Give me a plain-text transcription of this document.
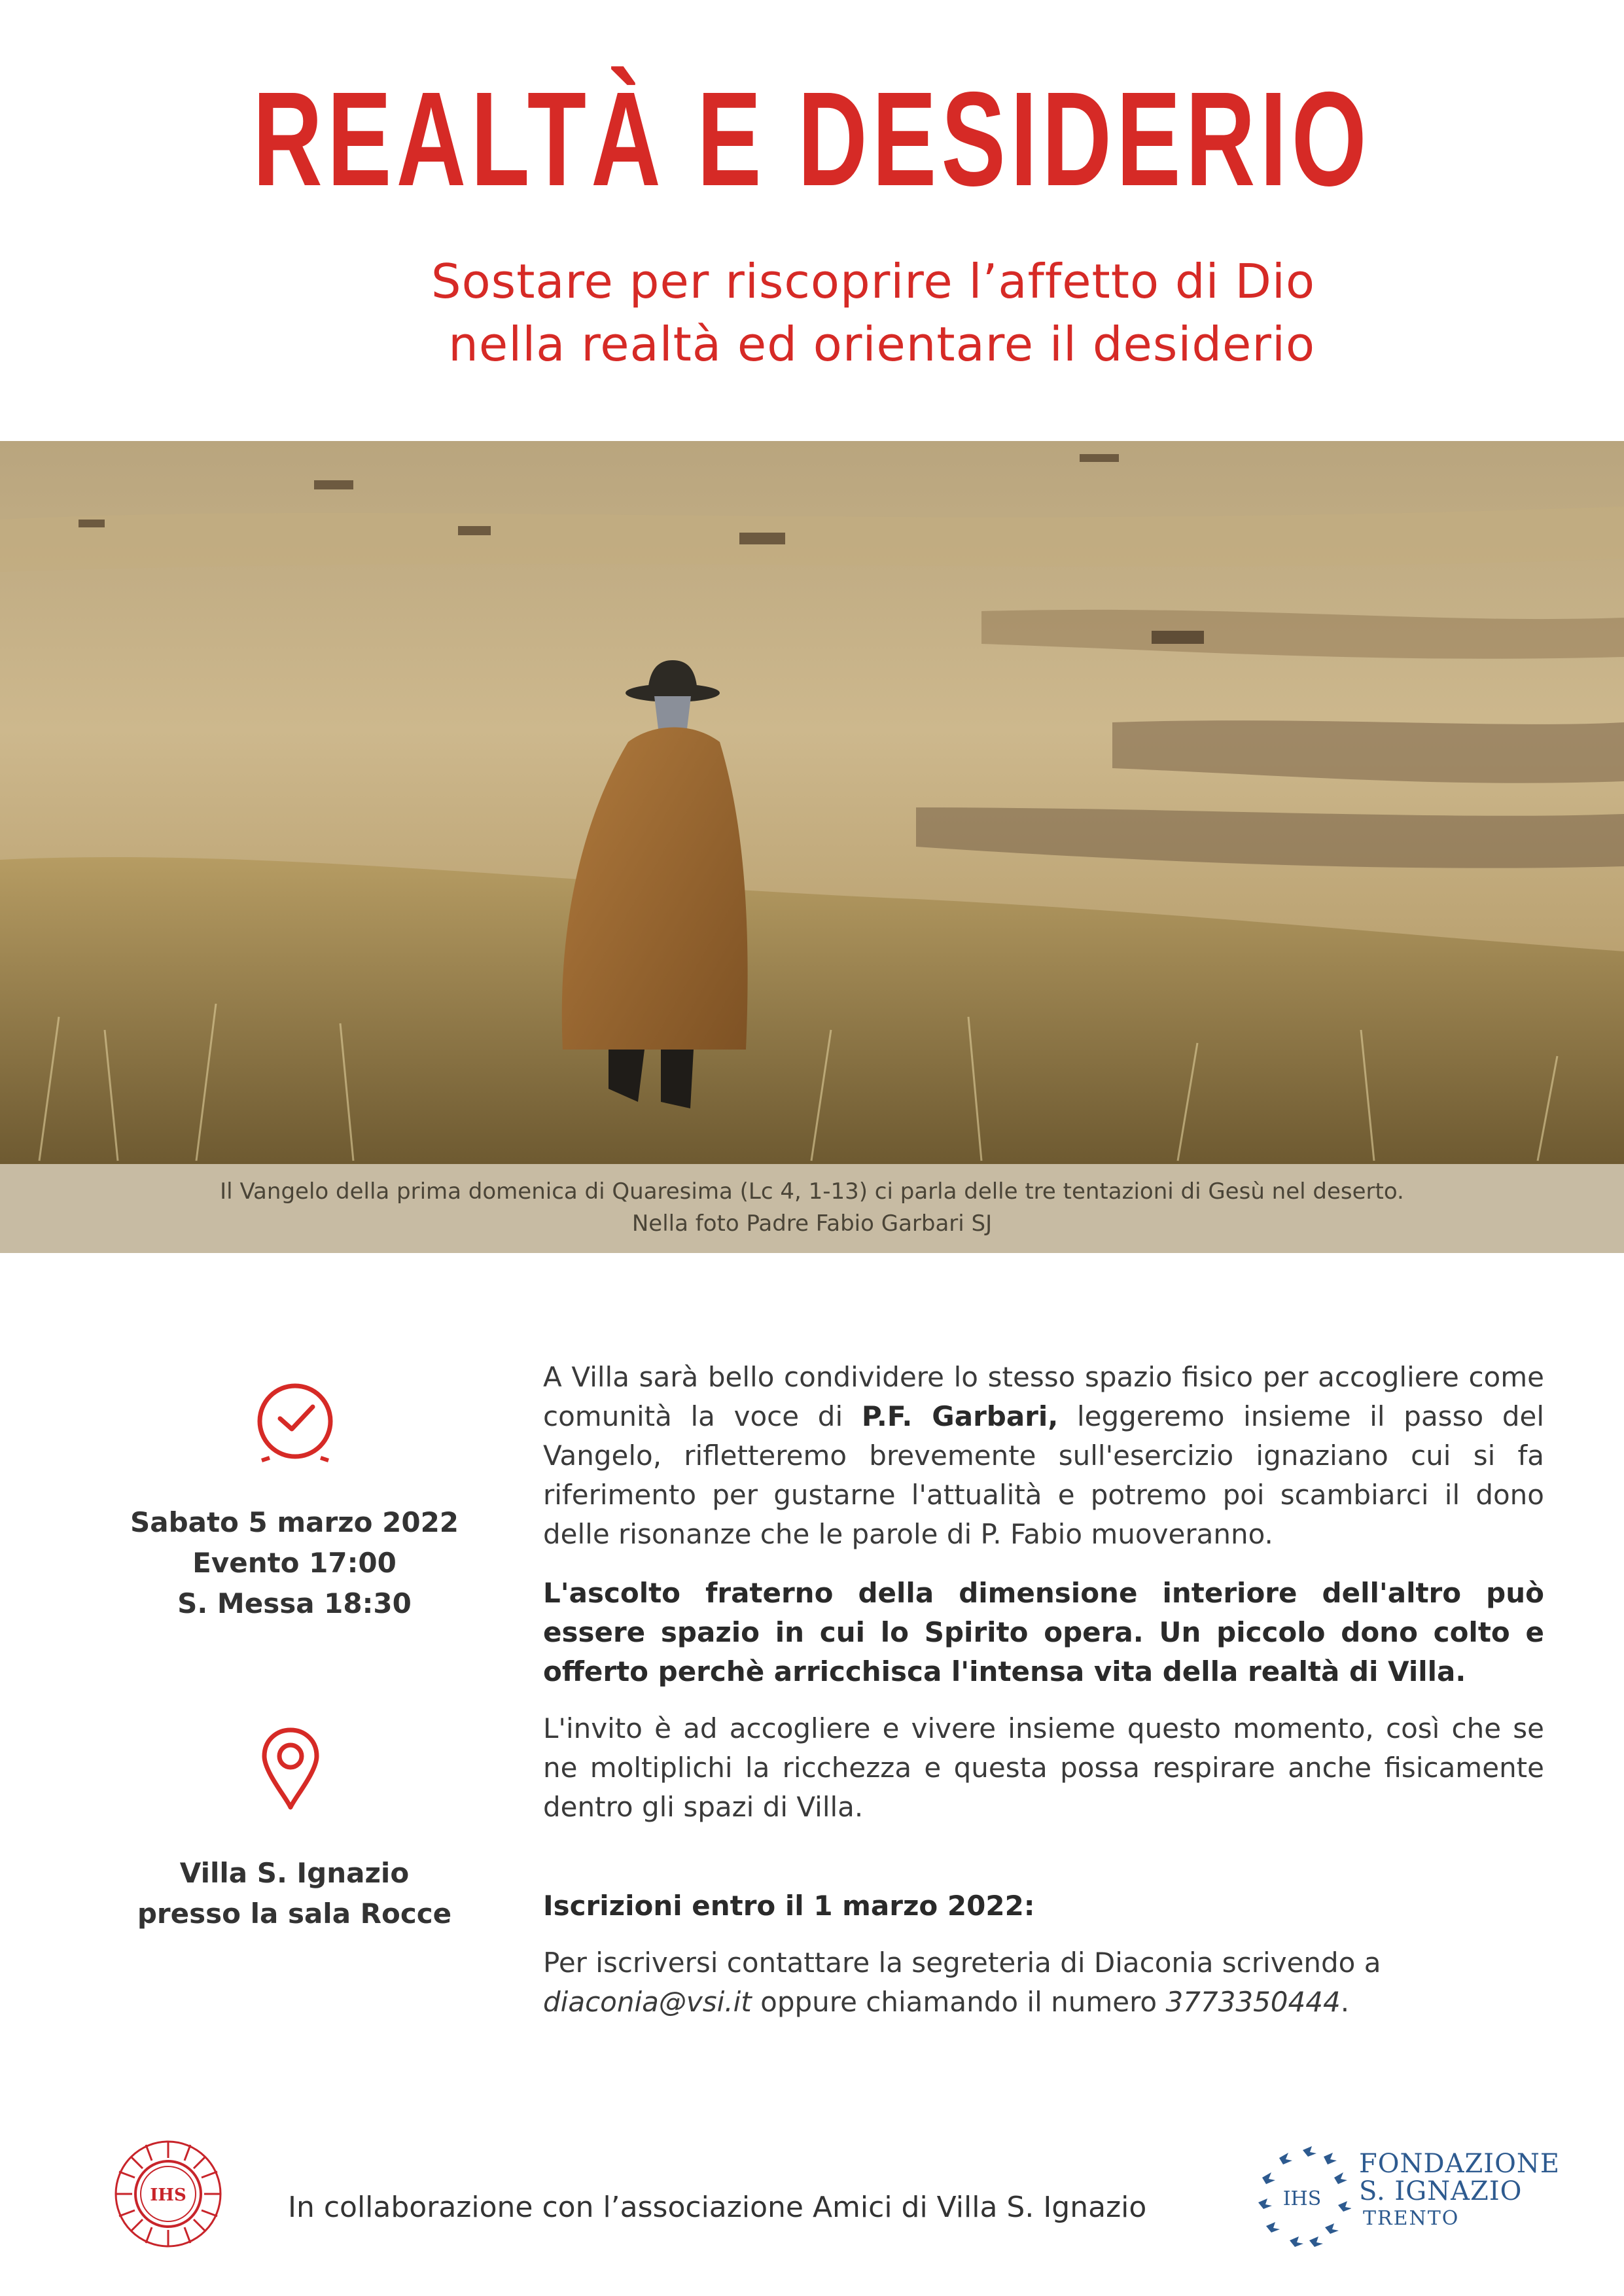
REALTÀ E DESIDERIO
Sostare per riscoprire l’affetto di Dio
nella realtà ed orientare il desiderio

Il Vangelo della prima domenica di Quaresima (Lc 4, 1-13) ci parla delle tre tentazioni di Gesù nel deserto.

Nella foto Padre Fabio Garbari SJ

Sabato 5 marzo 2022
Evento 17:00
S. Messa 18:30
Villa S. Ignazio
presso la sala Rocce

A Villa sarà bello condividere lo stesso spazio fisico per accogliere come comunità la voce di P.F. Garbari, leggeremo insieme il passo del Vangelo, rifletteremo brevemente sull'esercizio ignaziano cui si fa riferimento per gustarne l'attualità e potremo poi scambiarci il dono delle risonanze che le parole di P. Fabio muoveranno.

L'ascolto fraterno della dimensione interiore dell'altro può essere spazio in cui lo Spirito opera. Un piccolo dono colto e offerto perchè arricchisca l'intensa vita della realtà di Villa.

L'invito è ad accogliere e vivere insieme questo momento, così che se ne moltiplichi la ricchezza e questa possa respirare anche fisicamente dentro gli spazi di Villa.

Iscrizioni entro il 1 marzo 2022:

Per iscriversi contattare la segreteria di Diaconia scrivendo a diaconia@vsi.it oppure chiamando il numero 3773350444.

IHS	In collaborazione con l’associazione Amici di Villa S. Ignazio	IHS
FONDAZIONE
S. IGNAZIO
TRENTO
